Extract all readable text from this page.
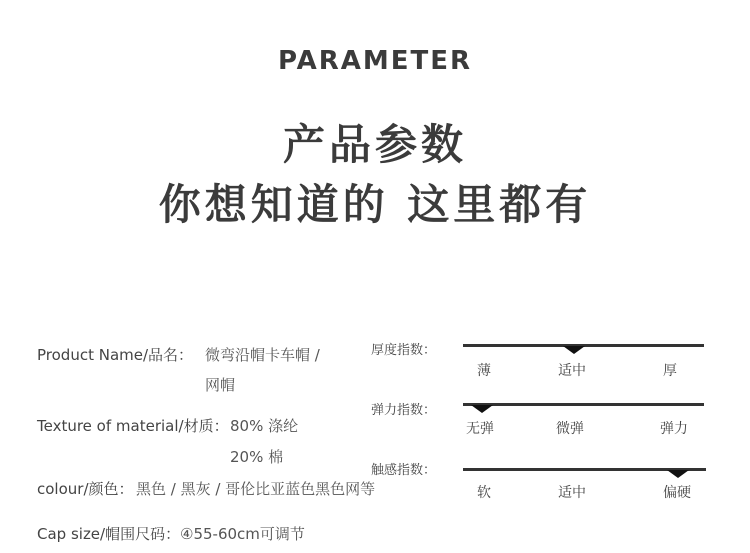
PARAMETER
产品参数
你想知道的 这里都有
Product Name/品名： 微弯沿帽卡车帽 /
网帽
Texture of material/材质： 80% 涤纶
20% 棉
colour/颜色： 黑色 / 黑灰 / 哥伦比亚蓝色黑色网等
Cap size/帽围尺码： ④55-60cm可调节
厚度指数：
薄	适中	厚
弹力指数：
无弹	微弹	弹力
触感指数：
软	适中	偏硬
